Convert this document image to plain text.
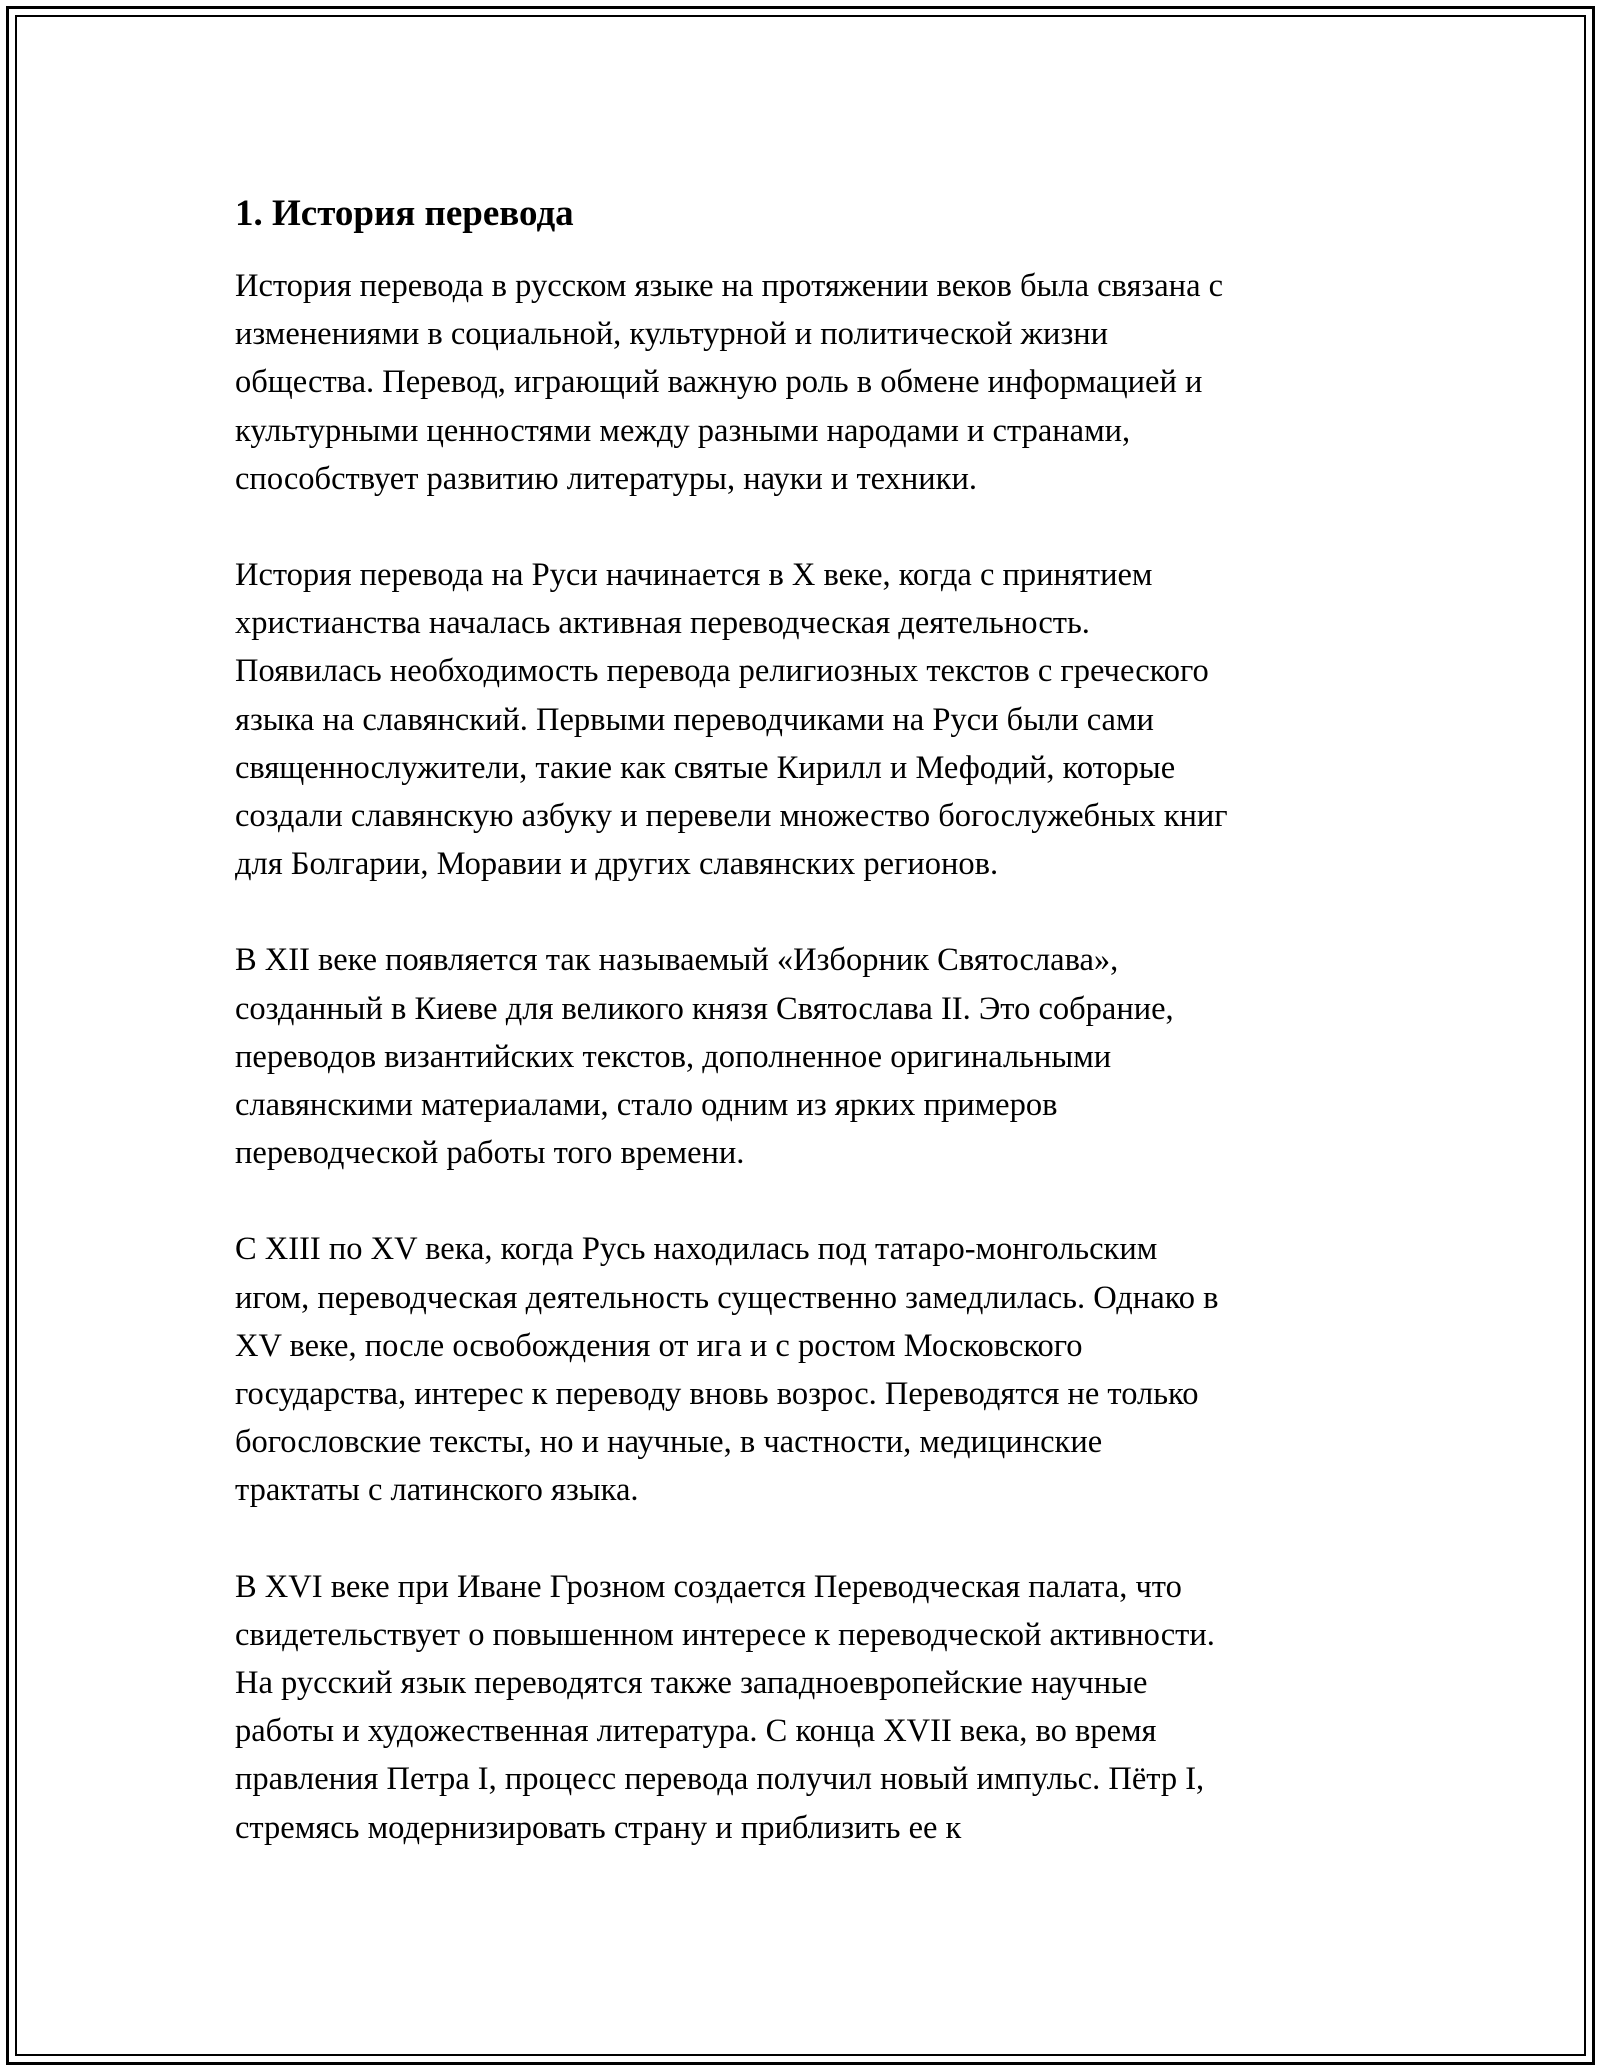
1. История перевода

История перевода в русском языке на протяжении веков была связана с
изменениями в социальной, культурной и политической жизни
общества. Перевод, играющий важную роль в обмене информацией и
культурными ценностями между разными народами и странами,
способствует развитию литературы, науки и техники.

История перевода на Руси начинается в X веке, когда с принятием
христианства началась активная переводческая деятельность.
Появилась необходимость перевода религиозных текстов с греческого
языка на славянский. Первыми переводчиками на Руси были сами
священнослужители, такие как святые Кирилл и Мефодий, которые
создали славянскую азбуку и перевели множество богослужебных книг
для Болгарии, Моравии и других славянских регионов.

В XII веке появляется так называемый «Изборник Святослава»,
созданный в Киеве для великого князя Святослава II. Это собрание,
переводов византийских текстов, дополненное оригинальными
славянскими материалами, стало одним из ярких примеров
переводческой работы того времени.

С XIII по XV века, когда Русь находилась под татаро-монгольским
игом, переводческая деятельность существенно замедлилась. Однако в
XV веке, после освобождения от ига и с ростом Московского
государства, интерес к переводу вновь возрос. Переводятся не только
богословские тексты, но и научные, в частности, медицинские
трактаты с латинского языка.

В XVI веке при Иване Грозном создается Переводческая палата, что
свидетельствует о повышенном интересе к переводческой активности.
На русский язык переводятся также западноевропейские научные
работы и художественная литература. С конца XVII века, во время
правления Петра I, процесс перевода получил новый импульс. Пётр I,
стремясь модернизировать страну и приблизить ее к
